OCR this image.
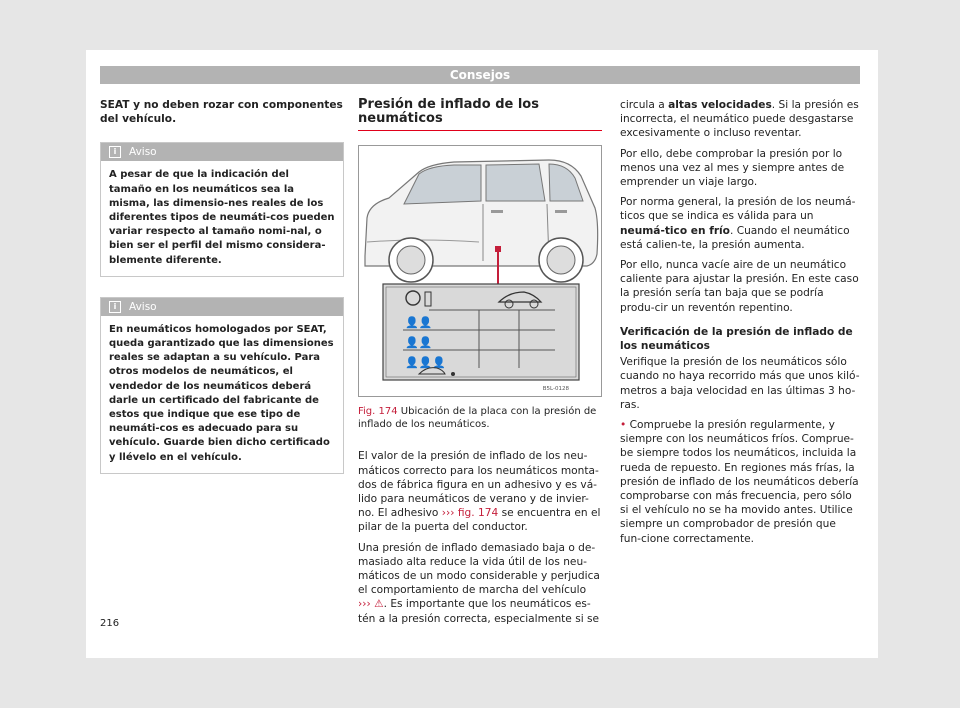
Consejos

SEAT y no deben rozar con componentes del vehículo.

i	Aviso
A pesar de que la indicación del tamaño en los neumáticos sea la misma, las dimensio-nes reales de los diferentes tipos de neumáti-cos pueden variar respecto al tamaño nomi-nal, o bien ser el perfil del mismo considera-blemente diferente.
i	Aviso
En neumáticos homologados por SEAT, queda garantizado que las dimensiones reales se adaptan a su vehículo. Para otros modelos de neumáticos, el vendedor de los neumáticos deberá darle un certificado del fabricante de estos que indique que ese tipo de neumáti-cos es adecuado para su vehículo. Guarde bien dicho certificado y llévelo en el vehículo.
Presión de inflado de los neumáticos
👤👤
👤👤
👤👤👤
B5L-0128
Fig. 174 Ubicación de la placa con la presión de inflado de los neumáticos.

El valor de la presión de inflado de los neu-máticos correcto para los neumáticos monta-dos de fábrica figura en un adhesivo y es vá-lido para neumáticos de verano y de invier-no. El adhesivo ››› fig. 174 se encuentra en el pilar de la puerta del conductor.

Una presión de inflado demasiado baja o de-masiado alta reduce la vida útil de los neu-máticos de un modo considerable y perjudica el comportamiento de marcha del vehículo ››› ⚠. Es importante que los neumáticos es-tén a la presión correcta, especialmente si se

circula a altas velocidades. Si la presión es incorrecta, el neumático puede desgastarse excesivamente o incluso reventar.

Por ello, debe comprobar la presión por lo menos una vez al mes y siempre antes de emprender un viaje largo.

Por norma general, la presión de los neumá-ticos que se indica es válida para un neumá-tico en frío. Cuando el neumático está calien-te, la presión aumenta.

Por ello, nunca vacíe aire de un neumático caliente para ajustar la presión. En este caso la presión sería tan baja que se podría produ-cir un reventón repentino.

Verificación de la presión de inflado de los neumáticos

Verifique la presión de los neumáticos sólo cuando no haya recorrido más que unos kiló-metros a baja velocidad en las últimas 3 ho-ras.

• Compruebe la presión regularmente, y siempre con los neumáticos fríos. Comprue-be siempre todos los neumáticos, incluida la rueda de repuesto. En regiones más frías, la presión de inflado de los neumáticos debería comprobarse con más frecuencia, pero sólo si el vehículo no se ha movido antes. Utilice siempre un comprobador de presión que fun-cione correctamente.

216
